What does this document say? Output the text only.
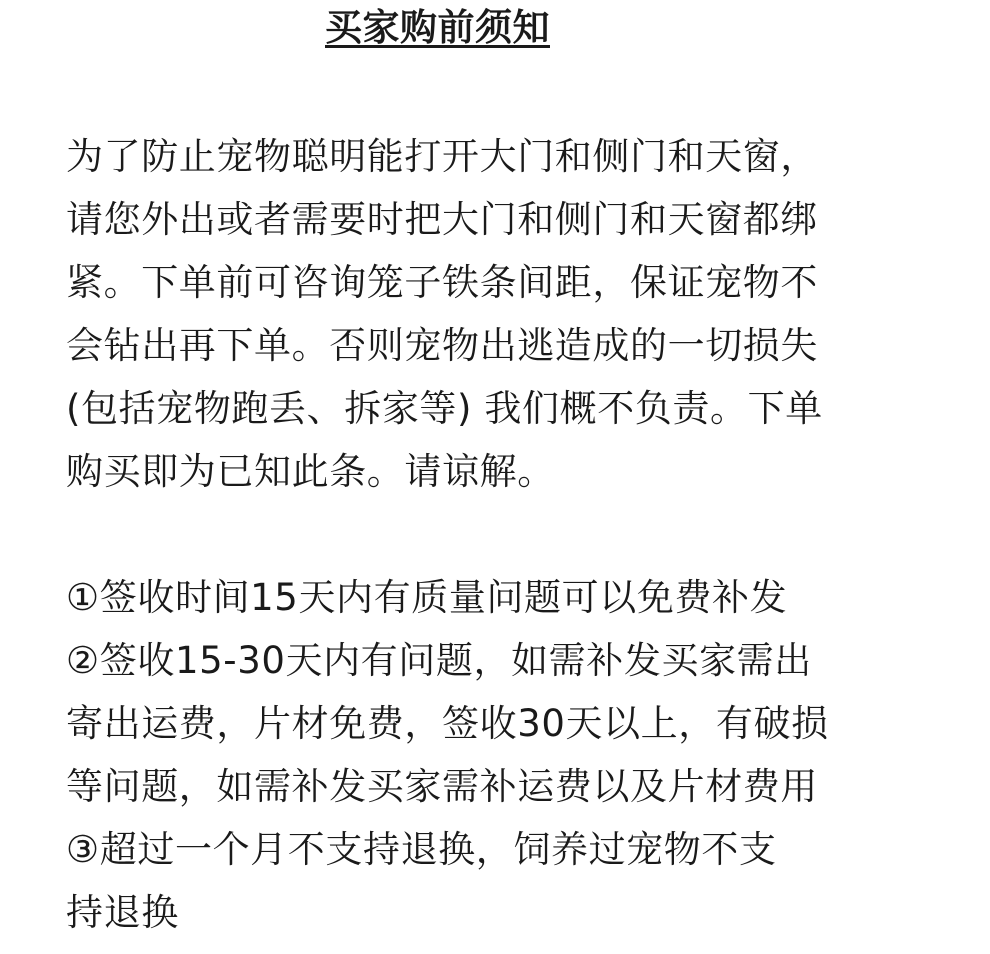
买家购前须知
为了防止宠物聪明能打开大门和侧门和天窗，
请您外出或者需要时把大门和侧门和天窗都绑
紧。下单前可咨询笼子铁条间距，保证宠物不
会钻出再下单。否则宠物出逃造成的一切损失
(包括宠物跑丢、拆家等) 我们概不负责。下单
购买即为已知此条。请谅解。
①签收时间15天内有质量问题可以免费补发
②签收15-30天内有问题，如需补发买家需出
寄出运费，片材免费，签收30天以上，有破损
等问题，如需补发买家需补运费以及片材费用
③超过一个月不支持退换，饲养过宠物不支
持退换
